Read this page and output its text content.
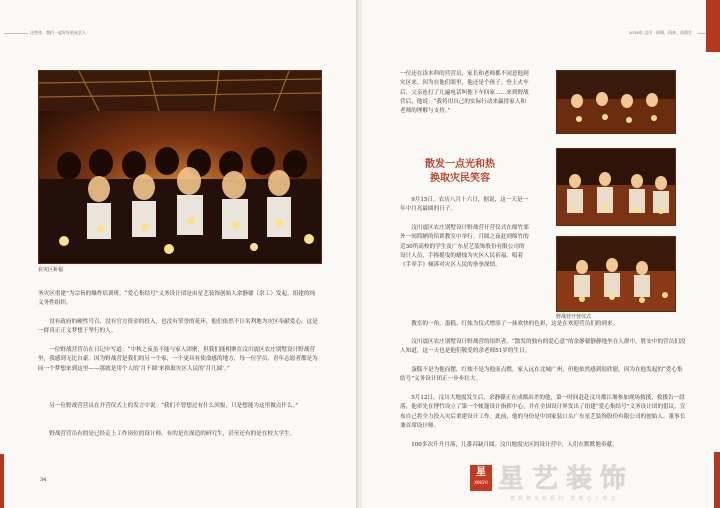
这些年，我们一起好好的星艺人
在灾区祈福

务灾区重建”为宗旨的爆炸培训班。“爱心集结号”义务设计团是由星艺装饰创始人余静赣（余工）发起、组建的纯义务性组织。

没有政府的硬性号召，没有官方资金的投入，也没有荣誉的花环，他们依然不计名利地为灾区奉献爱心，这是一群真正正义梦想于坚行的人。

一位野战营营员在日记中写道：“中秋之夜虽不能与家人团聚，但我们能相聚在汶川震区农庄别墅设计野战营里，我感到无比自豪。因为野战营是我们的另一个家，一个更具有使命感的地方，每一位学员、青年志愿者都是为同一个梦想来到这里——那就是用个人的‘月不圆’来换取灾区人民的‘月儿圆’。”

另一位野战营营员在开营仪式上的发言中说：“我们不曾想过有什么回报，只是想能为这里做点什么。”

野战营营员有的是已经走上工作岗位的设计师，有的是在深造的研究生，甚至还有的是在校大学生。

34
2018年 汶川 · 再聚、再来、再重生

一位还在读本科的营营员，家长和老师都不同意他到灾区来。因为在他们眼里，他还是个孩子。登上火车后，父亲连打了几遍电话叫他下车回家……来到野战营后，他说：“我将用自己的实际行动来赢得家人和老师的理解与支持。”

散发一点光和热
换取灾民笑容

9月15日，农历八月十六日，据说，这一天是一年中月亮最圆的日子。

汶川震区农庄别墅设计野战营开营仪式在绵竹郊外一间简陋的培训教室中举行。月圆之夜赶到绵竹的近30所高校的学生及广东星艺装饰股份有限公司的设计人员，手捧摇曳的蜡烛为灾区人民祈福，唱着《手牵手》倾诉对灾区人民的拳拳深情。

野战营开营仪式

教室的一角，蛋糕、红烛为仪式增添了一抹欢快的色彩，这是在欢迎营员们的到来。

汶川震区农庄别墅设计野战营的组织者、“散发的独有的爱心意”的余静赣静静地坐在人群中，胜安中的营员们没人知道，这一天也是他们敬爱的余老师51岁的生日。

蛋糕不是为他而摆，红烛不是为他而点燃。家人远在北城广州，但他依然感到很欣慰，因为在他发起的“爱心集结号”义务设计团正一步步壮大。

5月12日，汶川大地震发生后，余静赣正在成都出差的他，第一时间赶赴汶川都江堰参加现场救援，救援告一段落，他率先在博竹设立了第一个帐篷设计指挥中心，并在全国设计界发出了组建“爱心集结号”义务设计团的倡议，宣布自己将全力投入灾后重建设计工作。此前，他的身份是中国家装口头广东星艺装饰股份有限公司的创始人、董事长兼首席设计师。

100多次升升月落，儿番吞缺月圆。汶川地震灾区的设计营中，人们在默默地奉献。

星
XINGYI 星艺装饰
把装修交给我们 您放心上班去
